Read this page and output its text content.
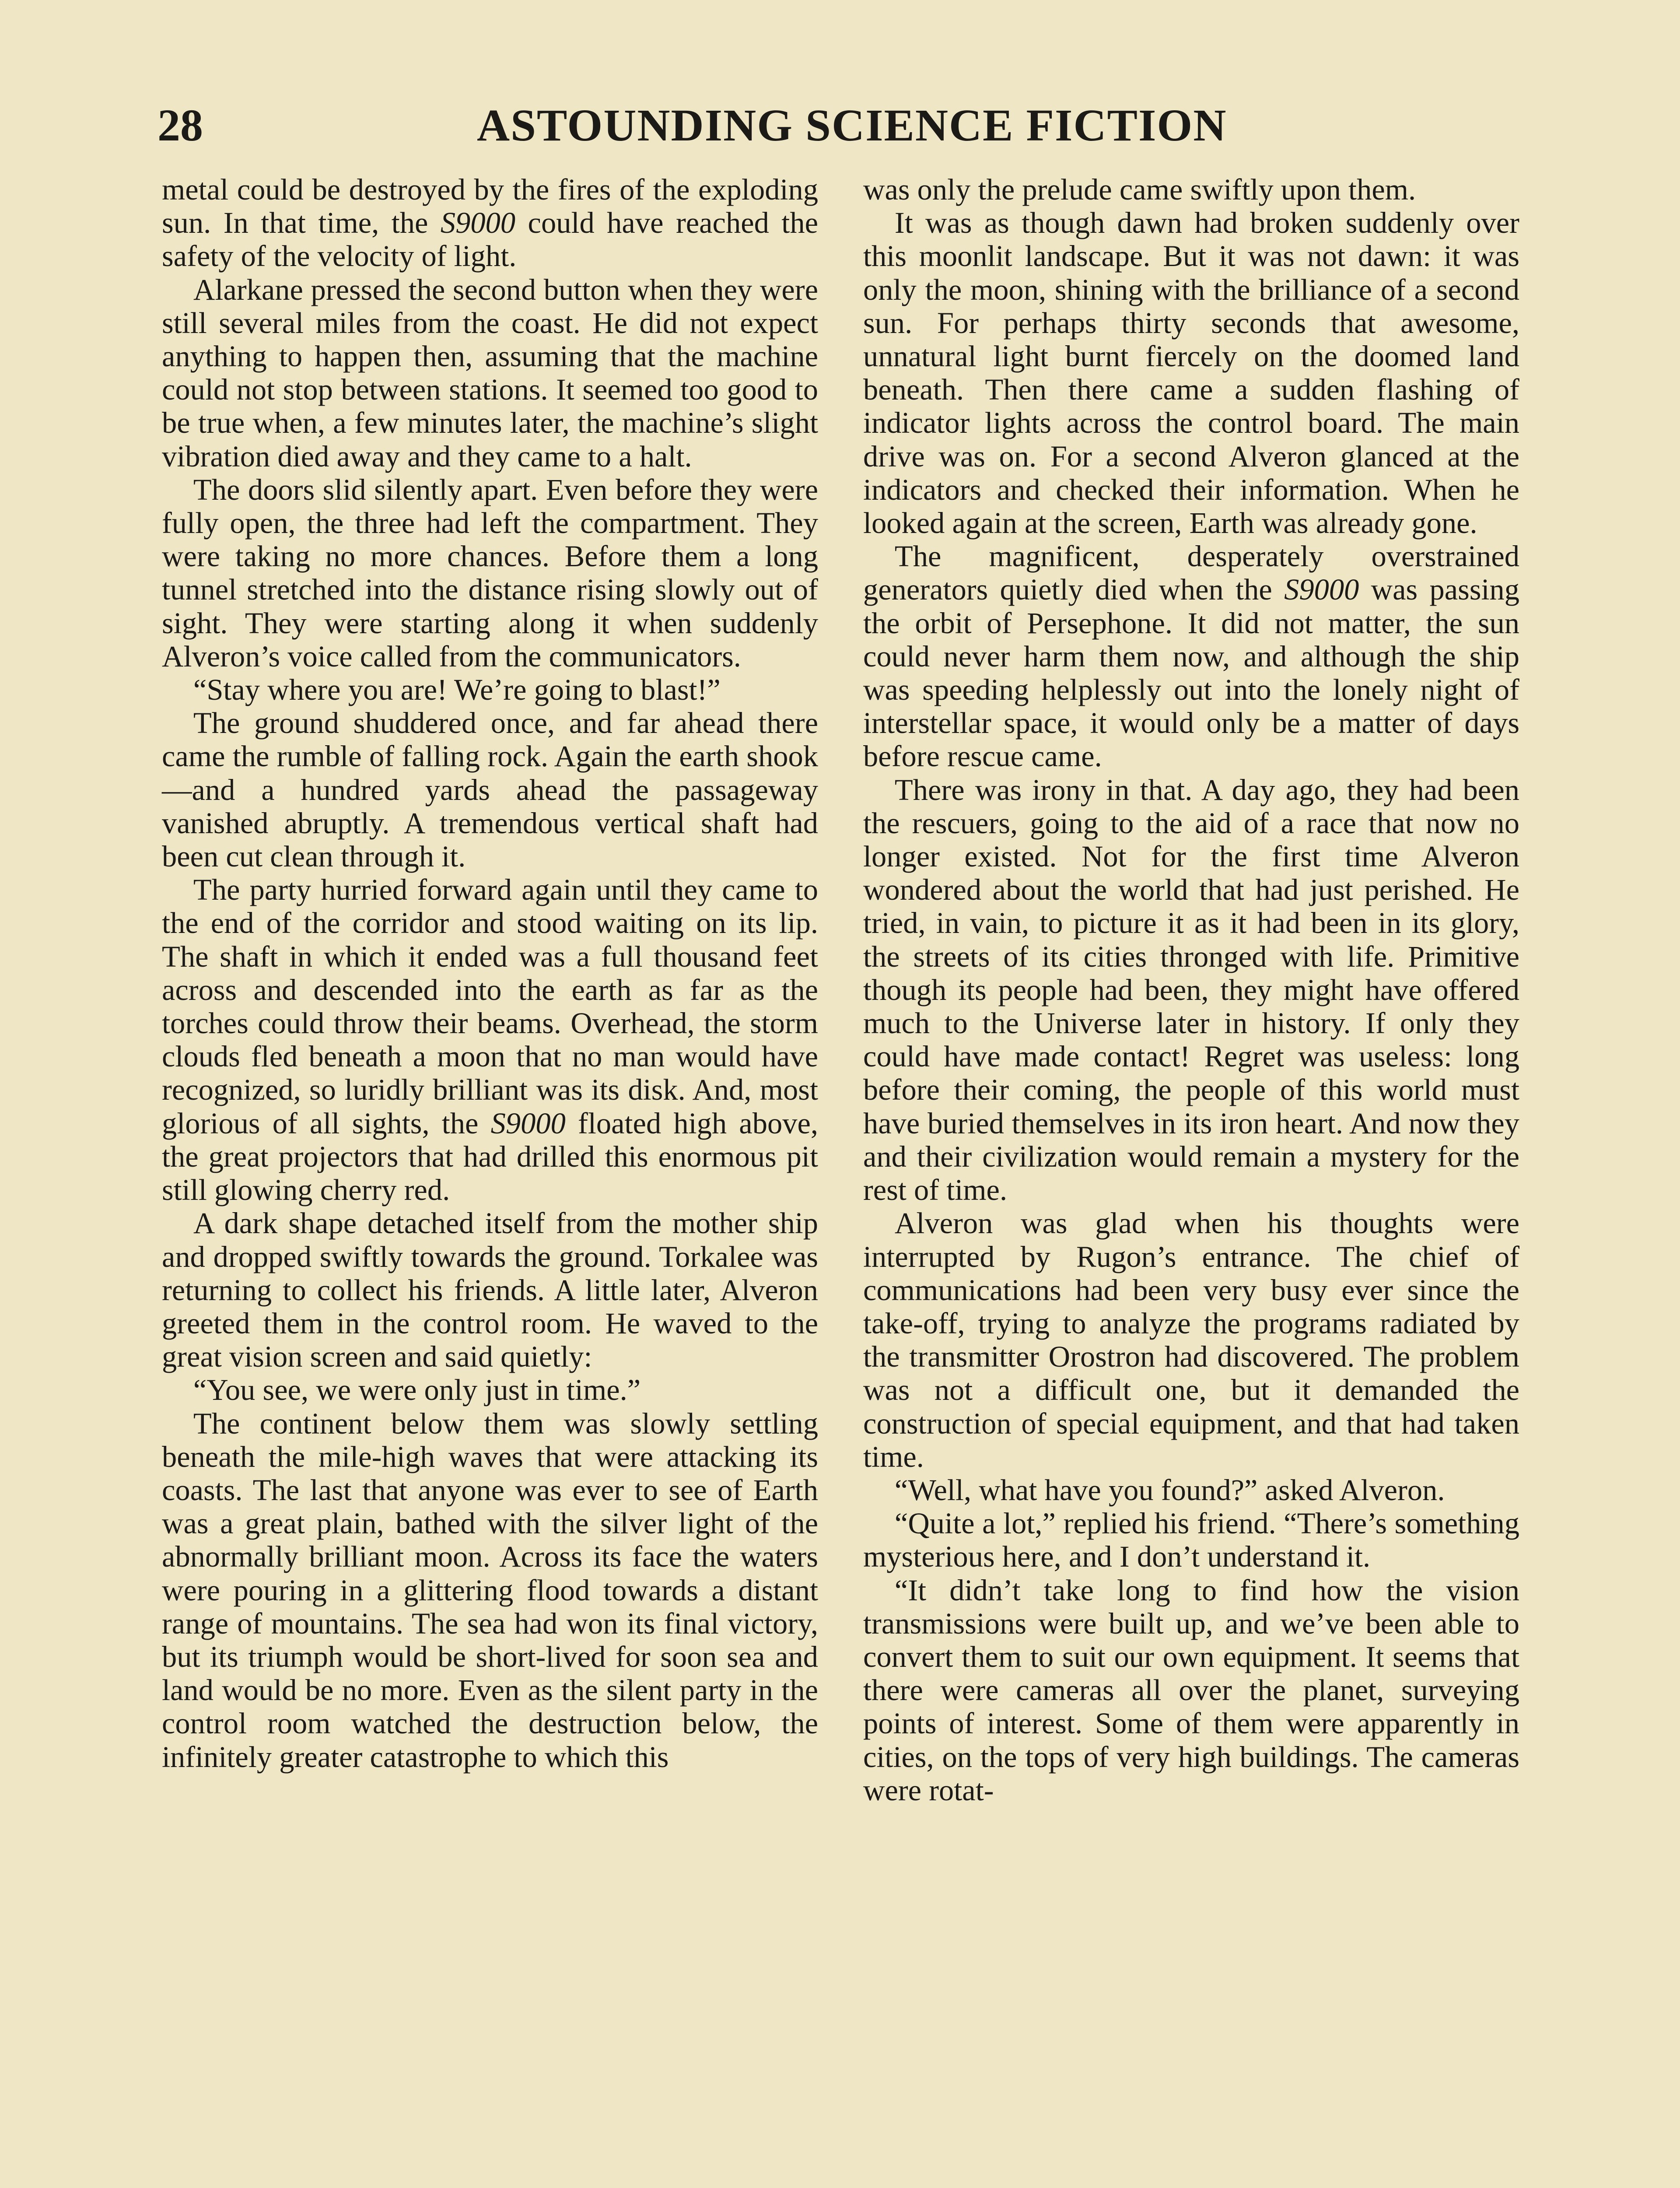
28	ASTOUNDING SCIENCE FICTION

metal could be destroyed by the fires of the exploding sun. In that time, the S9000 could have reached the safety of the velocity of light.

Alarkane pressed the second button when they were still several miles from the coast. He did not expect anything to happen then, assuming that the machine could not stop between stations. It seemed too good to be true when, a few minutes later, the machine’s slight vibration died away and they came to a halt.

The doors slid silently apart. Even before they were fully open, the three had left the compartment. They were taking no more chances. Before them a long tunnel stretched into the distance rising slowly out of sight. They were starting along it when suddenly Alveron’s voice called from the communicators.

“Stay where you are! We’re going to blast!”

The ground shuddered once, and far ahead there came the rumble of falling rock. Again the earth shook—and a hundred yards ahead the passageway vanished abruptly. A tremendous vertical shaft had been cut clean through it.

The party hurried forward again until they came to the end of the corridor and stood waiting on its lip. The shaft in which it ended was a full thousand feet across and descended into the earth as far as the torches could throw their beams. Overhead, the storm clouds fled beneath a moon that no man would have recognized, so luridly brilliant was its disk. And, most glorious of all sights, the S9000 floated high above, the great projectors that had drilled this enormous pit still glowing cherry red.

A dark shape detached itself from the mother ship and dropped swiftly towards the ground. Torkalee was returning to collect his friends. A little later, Alveron greeted them in the control room. He waved to the great vision screen and said quietly:

“You see, we were only just in time.”

The continent below them was slowly settling beneath the mile-high waves that were attacking its coasts. The last that anyone was ever to see of Earth was a great plain, bathed with the silver light of the abnormally brilliant moon. Across its face the waters were pouring in a glittering flood towards a distant range of mountains. The sea had won its final victory, but its triumph would be short-lived for soon sea and land would be no more. Even as the silent party in the control room watched the destruction below, the infinitely greater catastrophe to which this

was only the prelude came swiftly upon them.

It was as though dawn had broken suddenly over this moonlit landscape. But it was not dawn: it was only the moon, shining with the brilliance of a second sun. For perhaps thirty seconds that awesome, unnatural light burnt fiercely on the doomed land beneath. Then there came a sudden flashing of indicator lights across the control board. The main drive was on. For a second Alveron glanced at the indicators and checked their information. When he looked again at the screen, Earth was already gone.

The magnificent, desperately overstrained generators quietly died when the S9000 was passing the orbit of Persephone. It did not matter, the sun could never harm them now, and although the ship was speeding helplessly out into the lonely night of interstellar space, it would only be a matter of days before rescue came.

There was irony in that. A day ago, they had been the rescuers, going to the aid of a race that now no longer existed. Not for the first time Alveron wondered about the world that had just perished. He tried, in vain, to picture it as it had been in its glory, the streets of its cities thronged with life. Primitive though its people had been, they might have offered much to the Universe later in history. If only they could have made contact! Regret was useless: long before their coming, the people of this world must have buried themselves in its iron heart. And now they and their civilization would remain a mystery for the rest of time.

Alveron was glad when his thoughts were interrupted by Rugon’s entrance. The chief of communications had been very busy ever since the take-off, trying to analyze the programs radiated by the transmitter Orostron had discovered. The problem was not a difficult one, but it demanded the construction of special equipment, and that had taken time.

“Well, what have you found?” asked Alveron.

“Quite a lot,” replied his friend. “There’s something mysterious here, and I don’t understand it.

“It didn’t take long to find how the vision transmissions were built up, and we’ve been able to convert them to suit our own equipment. It seems that there were cameras all over the planet, surveying points of interest. Some of them were apparently in cities, on the tops of very high buildings. The cameras were rotat-
